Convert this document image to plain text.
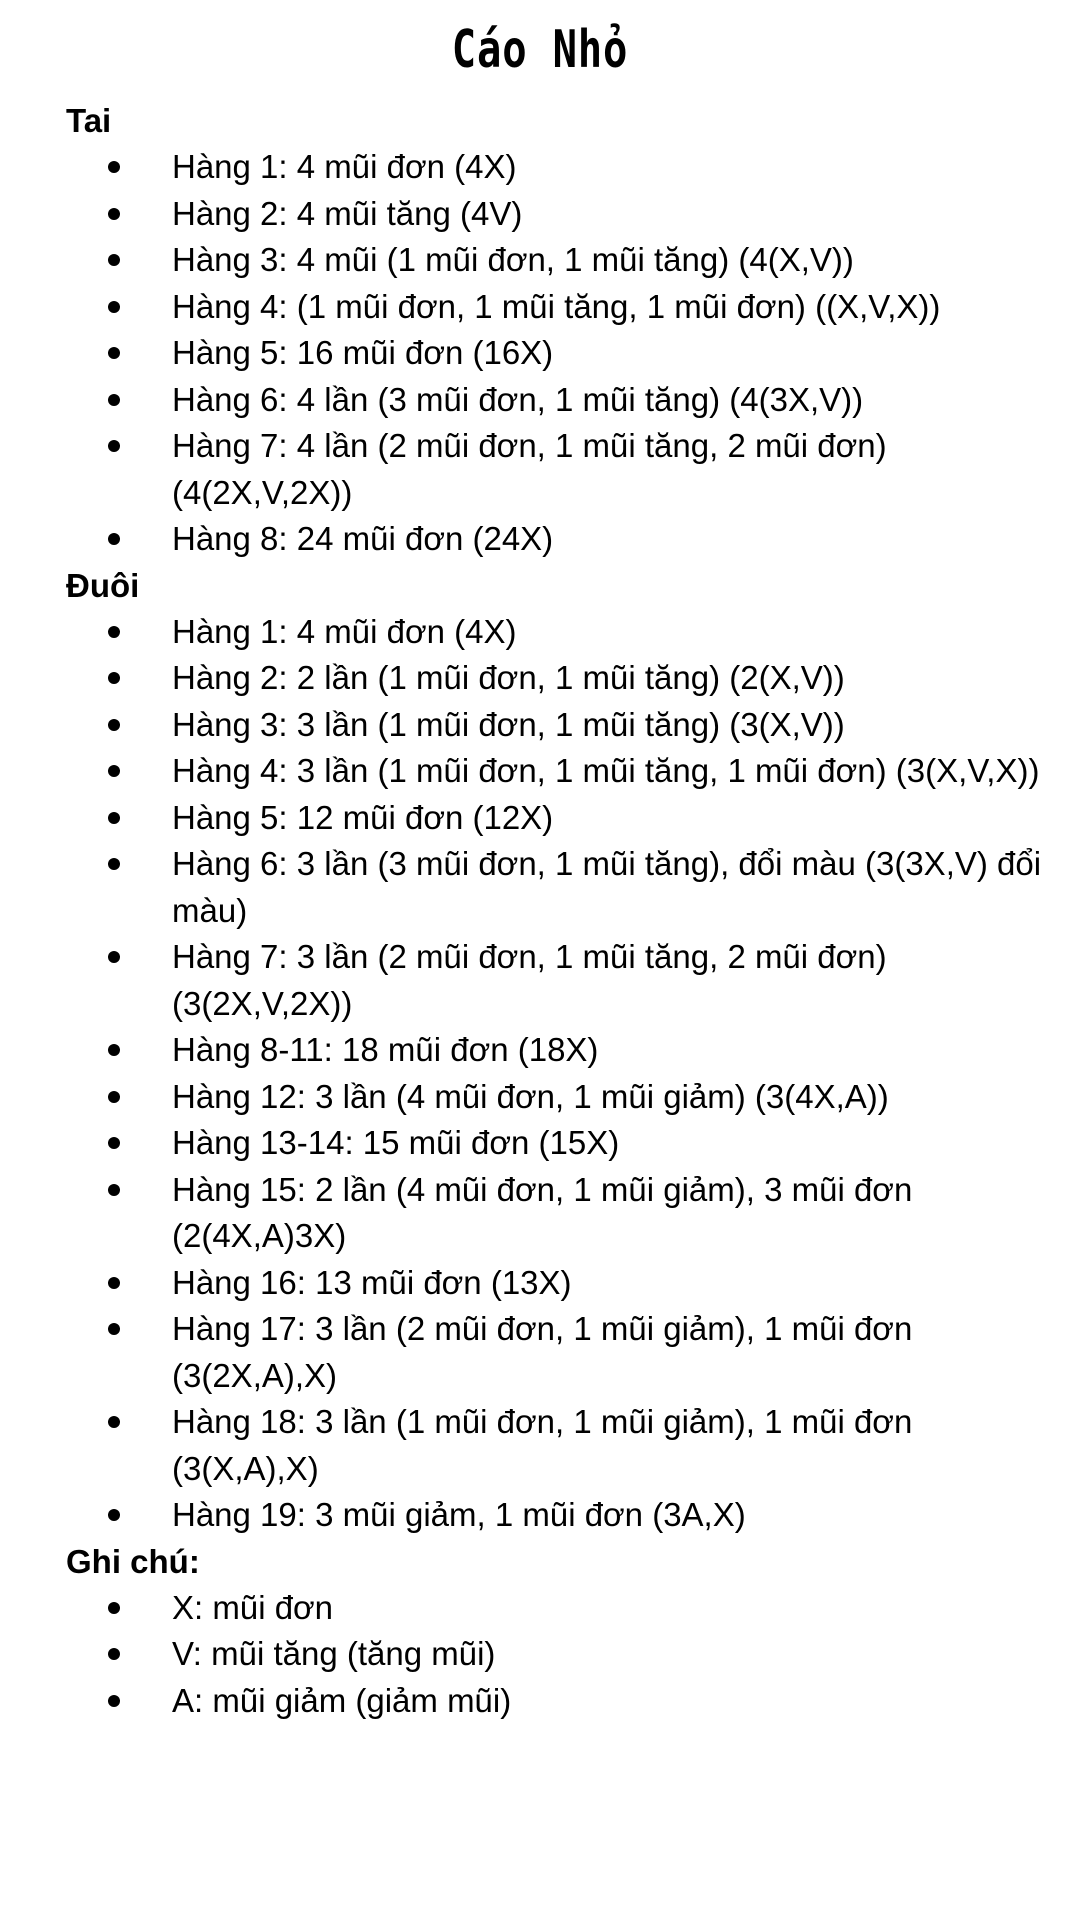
Cáo Nhỏ
Tai
Hàng 1: 4 mũi đơn (4X)
Hàng 2: 4 mũi tăng (4V)
Hàng 3: 4 mũi (1 mũi đơn, 1 mũi tăng) (4(X,V))
Hàng 4: (1 mũi đơn, 1 mũi tăng, 1 mũi đơn) ((X,V,X))
Hàng 5: 16 mũi đơn (16X)
Hàng 6: 4 lần (3 mũi đơn, 1 mũi tăng) (4(3X,V))
Hàng 7: 4 lần (2 mũi đơn, 1 mũi tăng, 2 mũi đơn) (4(2X,V,2X))
Hàng 8: 24 mũi đơn (24X)
Đuôi
Hàng 1: 4 mũi đơn (4X)
Hàng 2: 2 lần (1 mũi đơn, 1 mũi tăng) (2(X,V))
Hàng 3: 3 lần (1 mũi đơn, 1 mũi tăng) (3(X,V))
Hàng 4: 3 lần (1 mũi đơn, 1 mũi tăng, 1 mũi đơn) (3(X,V,X))
Hàng 5: 12 mũi đơn (12X)
Hàng 6: 3 lần (3 mũi đơn, 1 mũi tăng), đổi màu (3(3X,V) đổi màu)
Hàng 7: 3 lần (2 mũi đơn, 1 mũi tăng, 2 mũi đơn) (3(2X,V,2X))
Hàng 8-11: 18 mũi đơn (18X)
Hàng 12: 3 lần (4 mũi đơn, 1 mũi giảm) (3(4X,A))
Hàng 13-14: 15 mũi đơn (15X)
Hàng 15: 2 lần (4 mũi đơn, 1 mũi giảm), 3 mũi đơn (2(4X,A)3X)
Hàng 16: 13 mũi đơn (13X)
Hàng 17: 3 lần (2 mũi đơn, 1 mũi giảm), 1 mũi đơn (3(2X,A),X)
Hàng 18: 3 lần (1 mũi đơn, 1 mũi giảm), 1 mũi đơn (3(X,A),X)
Hàng 19: 3 mũi giảm, 1 mũi đơn (3A,X)
Ghi chú:
X: mũi đơn
V: mũi tăng (tăng mũi)
A: mũi giảm (giảm mũi)
